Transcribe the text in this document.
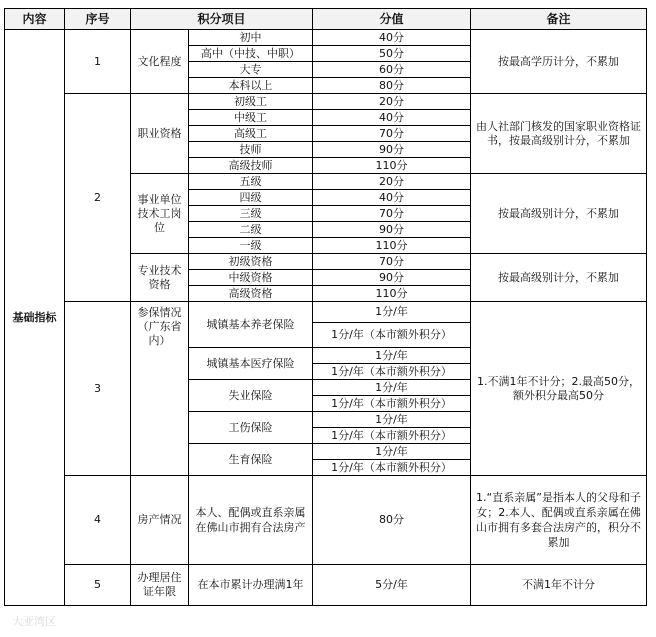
内容	序号	积分项目		分值	备注
基础指标	1	文化程度	初中	40分	按最高学历计分，不累加
			高中（中技、中职）	50分	
			大专	60分	
			本科以上	80分	
	2	职业资格	初级工	20分	由人社部门核发的国家职业资格证书，按最高级别计分，不累加
			中级工	40分	
			高级工	70分	
			技师	90分	
			高级技师	110分	
		事业单位技术工岗位	五级	20分	按最高级别计分，不累加
			四级	40分	
			三级	70分	
			二级	90分	
			一级	110分	
		专业技术资格	初级资格	70分	按最高级别计分，不累加
			中级资格	90分	
			高级资格	110分	
	3	参保情况（广东省内）	城镇基本养老保险	1分/年	1.不满1年不计分；2.最高50分，额外积分最高50分
				1分/年（本市额外积分）	
			城镇基本医疗保险	1分/年	
				1分/年（本市额外积分）	
			失业保险	1分/年	
				1分/年（本市额外积分）	
			工伤保险	1分/年	
				1分/年（本市额外积分）	
			生育保险	1分/年	
				1分/年（本市额外积分）	
	4	房产情况	本人、配偶或直系亲属在佛山市拥有合法房产	80分	1.“直系亲属”是指本人的父母和子女；2.本人、配偶或直系亲属在佛山市拥有多套合法房产的，积分不累加
	5	办理居住证年限	在本市累计办理满1年	5分/年	不满1年不计分
大亚湾区
